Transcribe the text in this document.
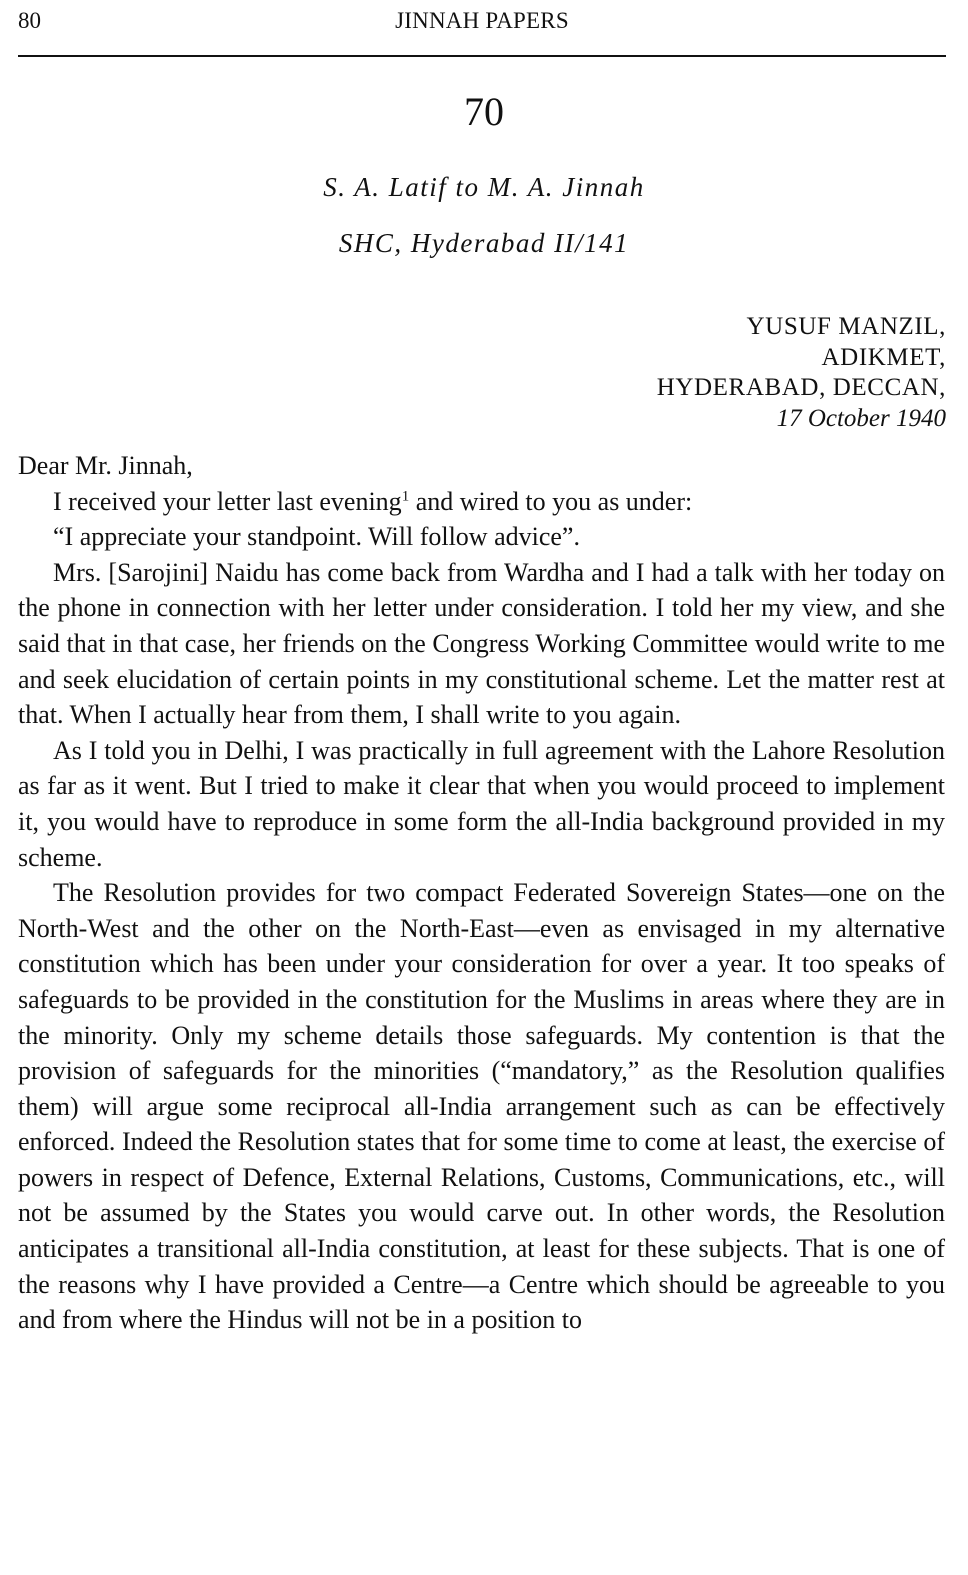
80	JINNAH PAPERS
70
S. A. Latif to M. A. Jinnah
SHC, Hyderabad II/141
YUSUF MANZIL,
ADIKMET,
HYDERABAD, DECCAN,
17 October 1940

Dear Mr. Jinnah,

I received your letter last evening$^1$ and wired to you as under:

“I appreciate your standpoint. Will follow advice”.

Mrs. [Sarojini] Naidu has come back from Wardha and I had a talk with her today on the phone in connection with her letter under consideration. I told her my view, and she said that in that case, her friends on the Congress Working Committee would write to me and seek elucidation of certain points in my constitutional scheme. Let the matter rest at that. When I actually hear from them, I shall write to you again.

As I told you in Delhi, I was practically in full agreement with the Lahore Resolution as far as it went. But I tried to make it clear that when you would proceed to implement it, you would have to reproduce in some form the all-India background provided in my scheme.

The Resolution provides for two compact Federated Sovereign States—one on the North-West and the other on the North-East—even as envisaged in my alternative constitution which has been under your consideration for over a year. It too speaks of safeguards to be provided in the constitution for the Muslims in areas where they are in the minority. Only my scheme details those safeguards. My contention is that the provision of safeguards for the minorities (“mandatory,” as the Resolution qualifies them) will argue some reciprocal all-India arrangement such as can be effectively enforced. Indeed the Resolution states that for some time to come at least, the exercise of powers in respect of Defence, External Relations, Customs, Communications, etc., will not be assumed by the States you would carve out. In other words, the Resolution anticipates a transitional all-India constitution, at least for these subjects. That is one of the reasons why I have provided a Centre—a Centre which should be agreeable to you and from where the Hindus will not be in a position to
